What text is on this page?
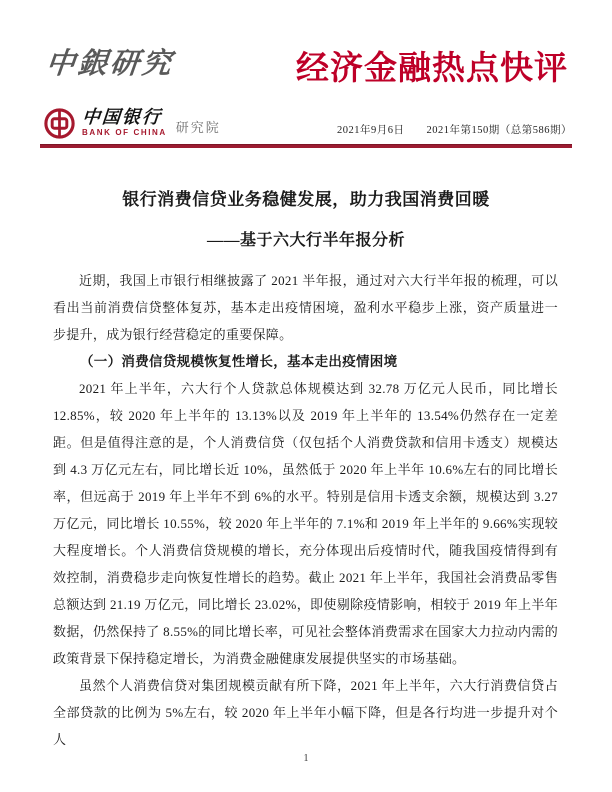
中銀研究	经济金融热点快评
中国银行
BANK OF CHINA 研究院	2021年9月6日 2021年第150期（总第586期）
银行消费信贷业务稳健发展，助力我国消费回暖
——基于六大行半年报分析

近期，我国上市银行相继披露了 2021 半年报，通过对六大行半年报的梳理，可以看出当前消费信贷整体复苏，基本走出疫情困境，盈利水平稳步上涨，资产质量进一步提升，成为银行经营稳定的重要保障。

（一）消费信贷规模恢复性增长，基本走出疫情困境

2021 年上半年，六大行个人贷款总体规模达到 32.78 万亿元人民币，同比增长 12.85%，较 2020 年上半年的 13.13%以及 2019 年上半年的 13.54%仍然存在一定差距。但是值得注意的是，个人消费信贷（仅包括个人消费贷款和信用卡透支）规模达到 4.3 万亿元左右，同比增长近 10%，虽然低于 2020 年上半年 10.6%左右的同比增长率，但远高于 2019 年上半年不到 6%的水平。特别是信用卡透支余额，规模达到 3.27 万亿元，同比增长 10.55%，较 2020 年上半年的 7.1%和 2019 年上半年的 9.66%实现较大程度增长。个人消费信贷规模的增长，充分体现出后疫情时代，随我国疫情得到有效控制，消费稳步走向恢复性增长的趋势。截止 2021 年上半年，我国社会消费品零售总额达到 21.19 万亿元，同比增长 23.02%，即使剔除疫情影响，相较于 2019 年上半年数据，仍然保持了 8.55%的同比增长率，可见社会整体消费需求在国家大力拉动内需的政策背景下保持稳定增长，为消费金融健康发展提供坚实的市场基础。

虽然个人消费信贷对集团规模贡献有所下降，2021 年上半年，六大行消费信贷占全部贷款的比例为 5%左右，较 2020 年上半年小幅下降，但是各行均进一步提升对个人

1
